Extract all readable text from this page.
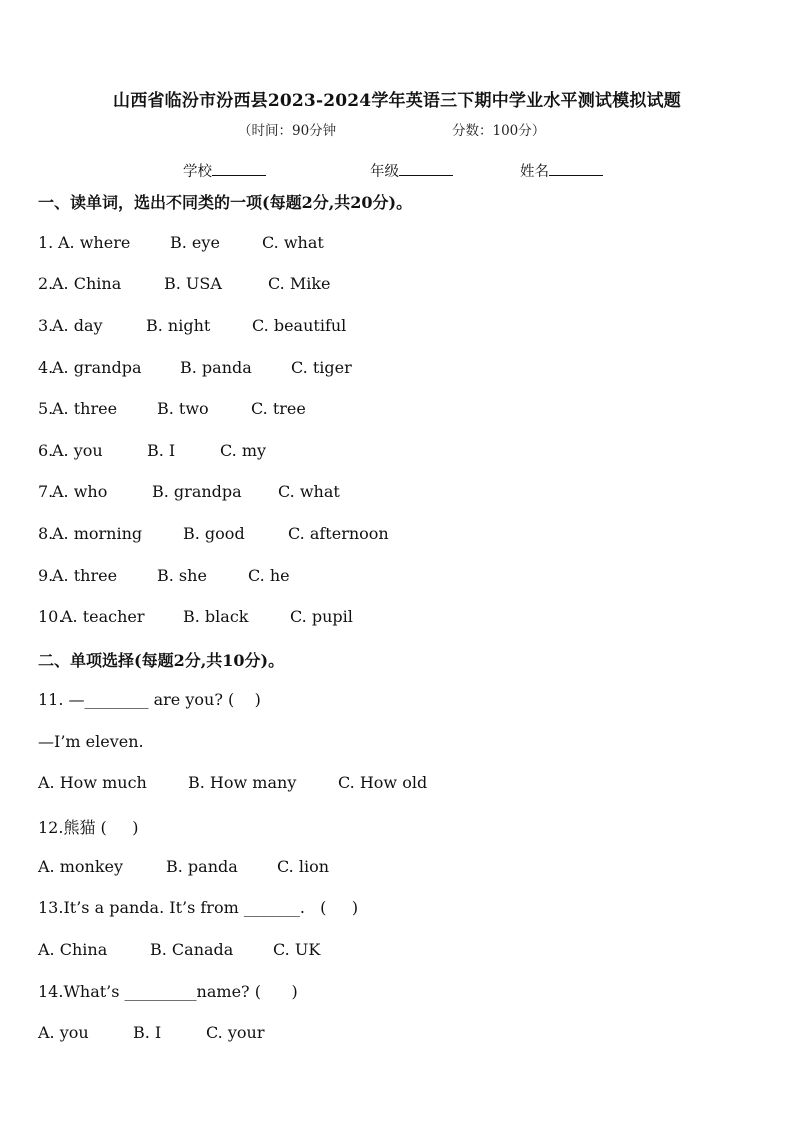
山西省临汾市汾西县2023-2024学年英语三下期中学业水平测试模拟试题
（时间：90分钟	分数：100分）
学校	年级	姓名
一、读单词，选出不同类的一项(每题2分,共20分)。
1. A. where B. eye	C. what
2.
A. China	B. USA	C. Mike
3.
A. day	B. night	C. beautiful
4.
A. grandpa B. panda C. tiger
5.
A. three B. two	C. tree
6.
A. you	B. I	C. my
7.
A. who	B. grandpa C. what
8.
A. morning	B. good	C. afternoon
9.
A. three B. she	C. he
10.
A. teacher B. black	C. pupil
二、单项选择(每题2分,共10分)。
11. —________ are you? (    )
—I’m eleven.
A. How much	B. How many	C. How old
12.熊猫 (     )
A. monkey	B. panda C. lion
13.It’s a panda. It’s from _______.   (     )
A. China	B. Canada C. UK
14.What’s _________name? (      )
A. you	B. I	C. your
